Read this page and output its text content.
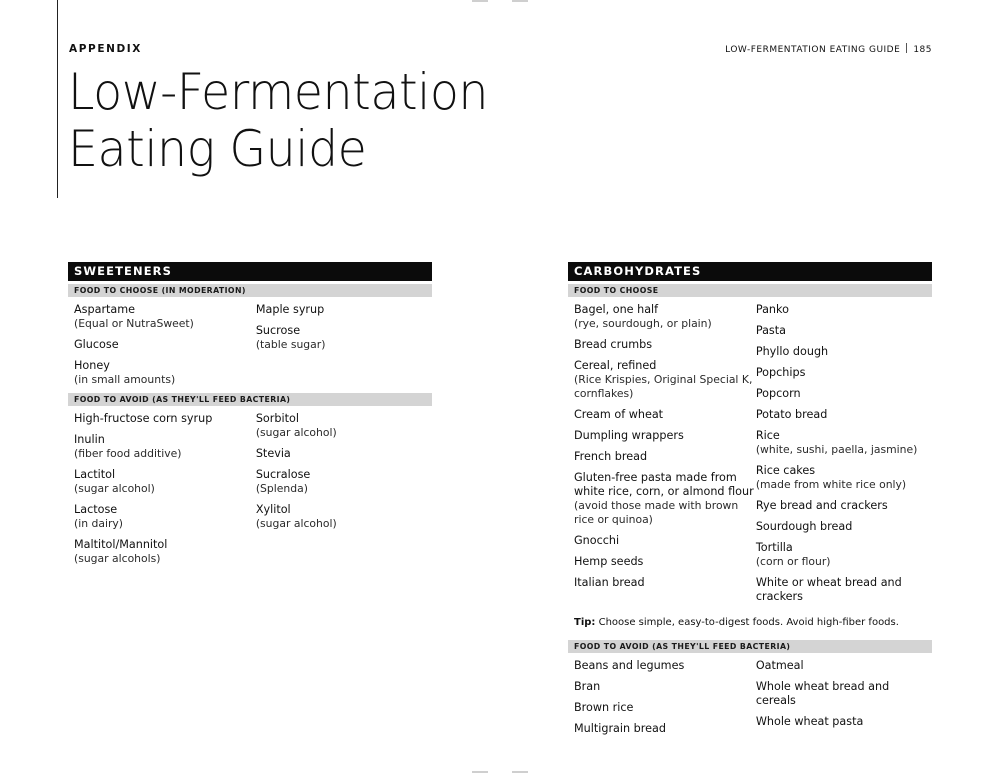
APPENDIX	LOW-FERMENTATION EATING GUIDE 185
Low-Fermentation
Eating Guide
SWEETENERS
FOOD TO CHOOSE (IN MODERATION)
Aspartame
(Equal or NutraSweet)
Glucose
Honey
(in small amounts)
Maple syrup
Sucrose
(table sugar)
FOOD TO AVOID (AS THEY'LL FEED BACTERIA)
High-fructose corn syrup
Inulin
(fiber food additive)
Lactitol
(sugar alcohol)
Lactose
(in dairy)
Maltitol/Mannitol
(sugar alcohols)
Sorbitol
(sugar alcohol)
Stevia
Sucralose
(Splenda)
Xylitol
(sugar alcohol)
CARBOHYDRATES
FOOD TO CHOOSE
Bagel, one half
(rye, sourdough, or plain)
Bread crumbs
Cereal, refined
(Rice Krispies, Original Special K, cornflakes)
Cream of wheat
Dumpling wrappers
French bread
Gluten-free pasta made from white rice, corn, or almond flour
(avoid those made with brown rice or quinoa)
Gnocchi
Hemp seeds
Italian bread
Panko
Pasta
Phyllo dough
Popchips
Popcorn
Potato bread
Rice
(white, sushi, paella, jasmine)
Rice cakes
(made from white rice only)
Rye bread and crackers
Sourdough bread
Tortilla
(corn or flour)
White or wheat bread and crackers
Tip: Choose simple, easy-to-digest foods. Avoid high-fiber foods.
FOOD TO AVOID (AS THEY'LL FEED BACTERIA)
Beans and legumes
Bran
Brown rice
Multigrain bread
Oatmeal
Whole wheat bread and cereals
Whole wheat pasta
